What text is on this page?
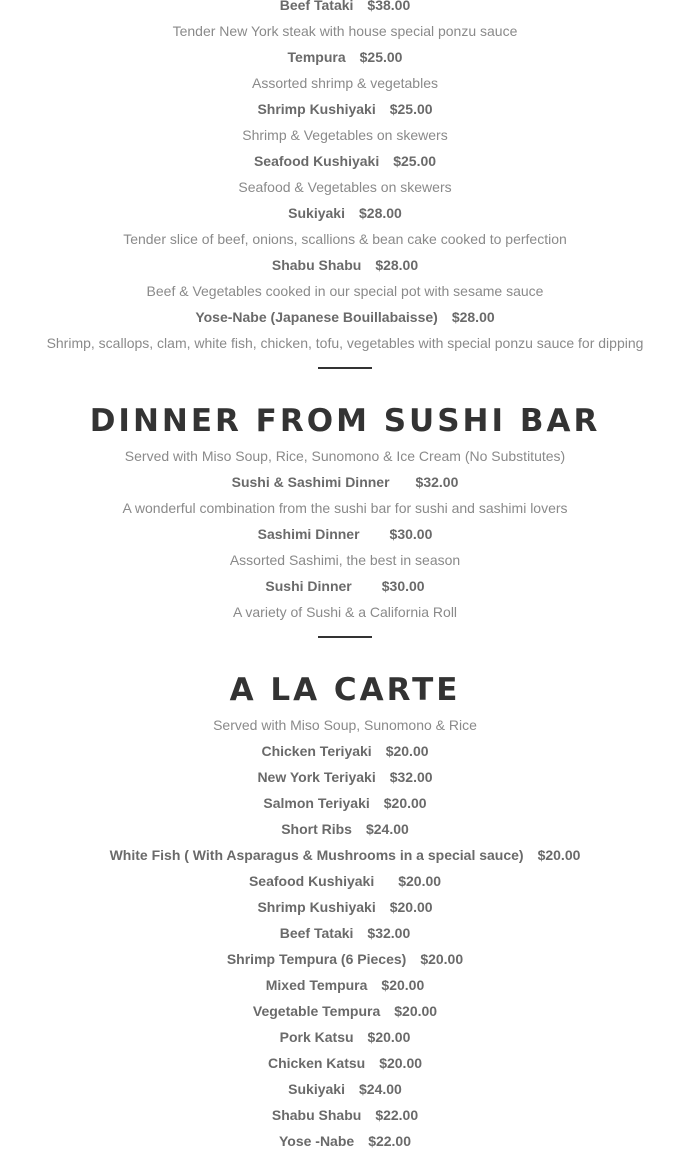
Beef Tataki $38.00
Tender New York steak with house special ponzu sauce
Tempura $25.00
Assorted shrimp & vegetables
Shrimp Kushiyaki $25.00
Shrimp & Vegetables on skewers
Seafood Kushiyaki $25.00
Seafood & Vegetables on skewers
Sukiyaki $28.00
Tender slice of beef, onions, scallions & bean cake cooked to perfection
Shabu Shabu $28.00
Beef & Vegetables cooked in our special pot with sesame sauce
Yose-Nabe (Japanese Bouillabaisse) $28.00
Shrimp, scallops, clam, white fish, chicken, tofu, vegetables with special ponzu sauce for dipping
DINNER FROM SUSHI BAR
Served with Miso Soup, Rice, Sunomono & Ice Cream (No Substitutes)
Sushi & Sashimi Dinner $32.00
A wonderful combination from the sushi bar for sushi and sashimi lovers
Sashimi Dinner $30.00
Assorted Sashimi, the best in season
Sushi Dinner $30.00
A variety of Sushi & a California Roll
A LA CARTE
Served with Miso Soup, Sunomono & Rice
Chicken Teriyaki $20.00
New York Teriyaki $32.00
Salmon Teriyaki $20.00
Short Ribs $24.00
White Fish ( With Asparagus & Mushrooms in a special sauce) $20.00
Seafood Kushiyaki $20.00
Shrimp Kushiyaki $20.00
Beef Tataki $32.00
Shrimp Tempura (6 Pieces) $20.00
Mixed Tempura $20.00
Vegetable Tempura $20.00
Pork Katsu $20.00
Chicken Katsu $20.00
Sukiyaki $24.00
Shabu Shabu $22.00
Yose -Nabe $22.00
